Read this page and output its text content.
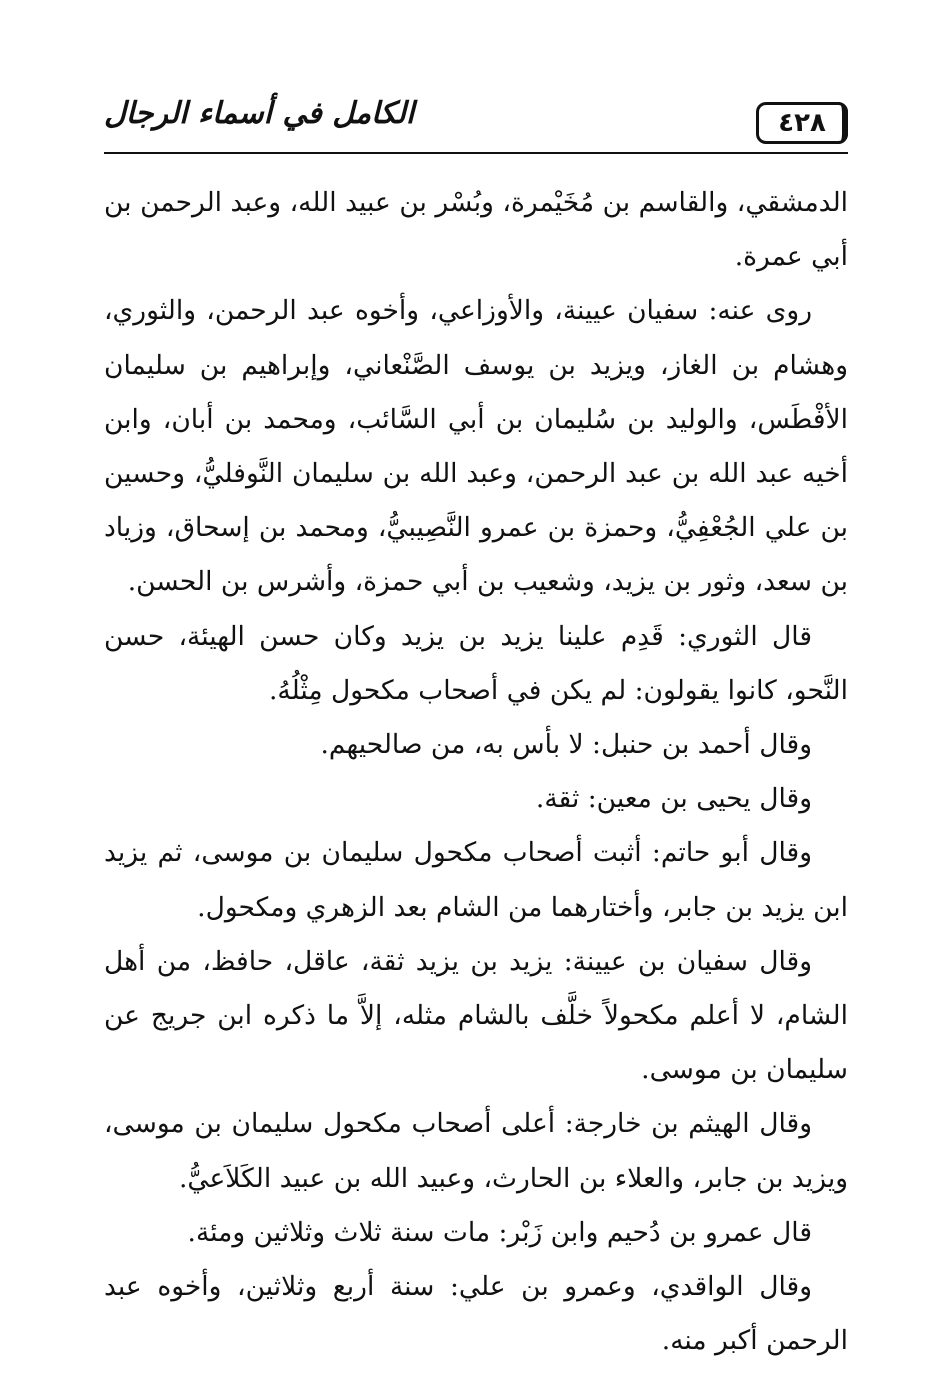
٤٢٨
الكامل في أسماء الرجال

الدمشقي، والقاسم بن مُخَيْمرة، وبُسْر بن عبيد الله، وعبد الرحمن بن أبي عمرة.

روى عنه: سفيان عيينة، والأوزاعي، وأخوه عبد الرحمن، والثوري، وهشام بن الغاز، ويزيد بن يوسف الصَّنْعاني، وإبراهيم بن سليمان الأفْطَس، والوليد بن سُليمان بن أبي السَّائب، ومحمد بن أبان، وابن أخيه عبد الله بن عبد الرحمن، وعبد الله بن سليمان النَّوفليُّ، وحسين بن علي الجُعْفِيُّ، وحمزة بن عمرو النَّصِيبيُّ، ومحمد بن إسحاق، وزياد بن سعد، وثور بن يزيد، وشعيب بن أبي حمزة، وأشرس بن الحسن.

قال الثوري: قَدِم علينا يزيد بن يزيد وكان حسن الهيئة، حسن النَّحو، كانوا يقولون: لم يكن في أصحاب مكحول مِثْلُهُ.

وقال أحمد بن حنبل: لا بأس به، من صالحيهم.

وقال يحيى بن معين: ثقة.

وقال أبو حاتم: أثبت أصحاب مكحول سليمان بن موسى، ثم يزيد ابن يزيد بن جابر، وأختارهما من الشام بعد الزهري ومكحول.

وقال سفيان بن عيينة: يزيد بن يزيد ثقة، عاقل، حافظ، من أهل الشام، لا أعلم مكحولاً خلَّف بالشام مثله، إلاَّ ما ذكره ابن جريج عن سليمان بن موسى.

وقال الهيثم بن خارجة: أعلى أصحاب مكحول سليمان بن موسى، ويزيد بن جابر، والعلاء بن الحارث، وعبيد الله بن عبيد الكَلاَعيُّ.

قال عمرو بن دُحيم وابن زَبْر: مات سنة ثلاث وثلاثين ومئة.

وقال الواقدي، وعمرو بن علي: سنة أربع وثلاثين، وأخوه عبد الرحمن أكبر منه.
